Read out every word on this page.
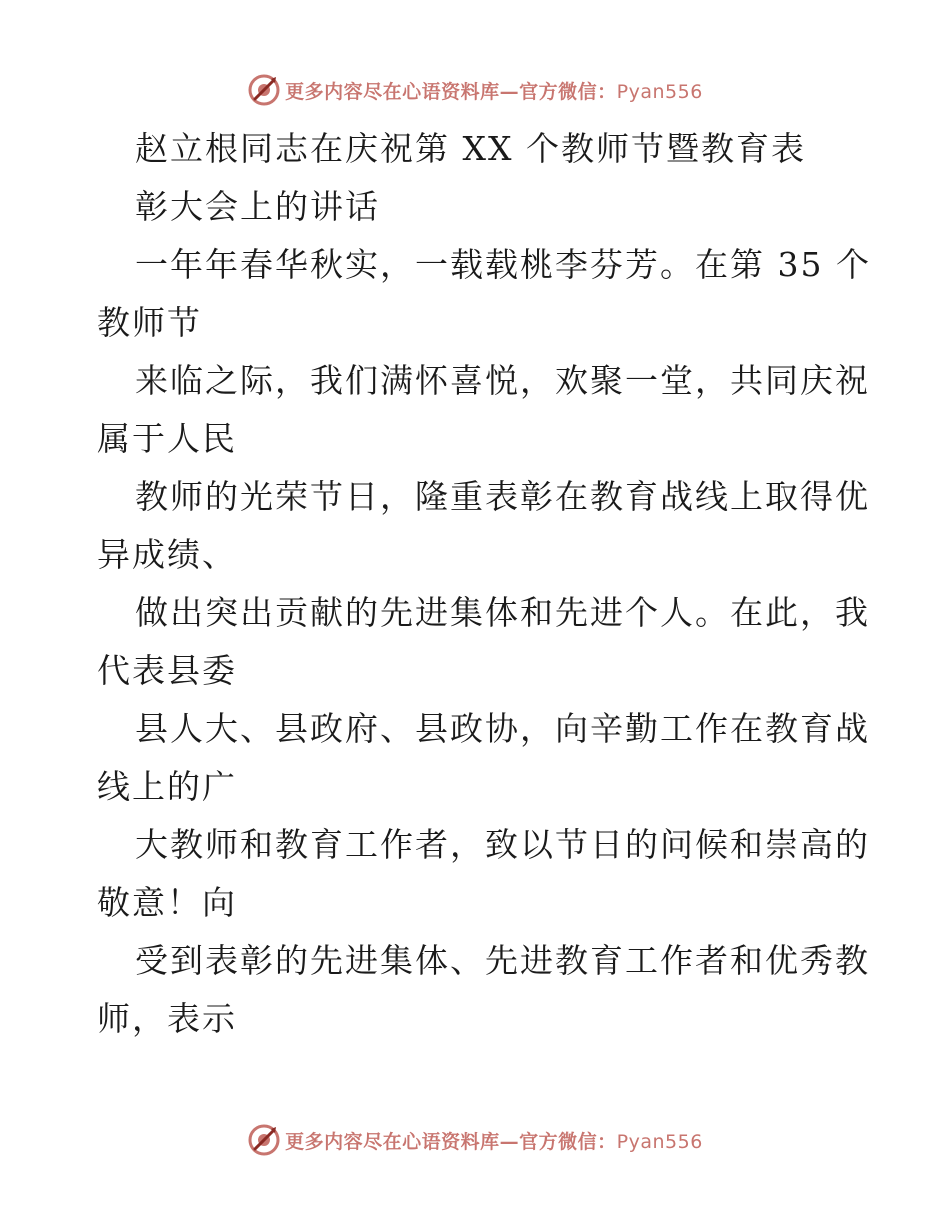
更多内容尽在心语资料库—官方微信：Pyan556
赵立根同志在庆祝第 XX 个教师节暨教育表
彰大会上的讲话
一年年春华秋实，一载载桃李芬芳。在第 35 个
教师节
来临之际，我们满怀喜悦，欢聚一堂，共同庆祝
属于人民
教师的光荣节日，隆重表彰在教育战线上取得优
异成绩、
做出突出贡献的先进集体和先进个人。在此，我
代表县委
县人大、县政府、县政协，向辛勤工作在教育战
线上的广
大教师和教育工作者，致以节日的问候和崇高的
敬意！向
受到表彰的先进集体、先进教育工作者和优秀教
师，表示
更多内容尽在心语资料库—官方微信：Pyan556
